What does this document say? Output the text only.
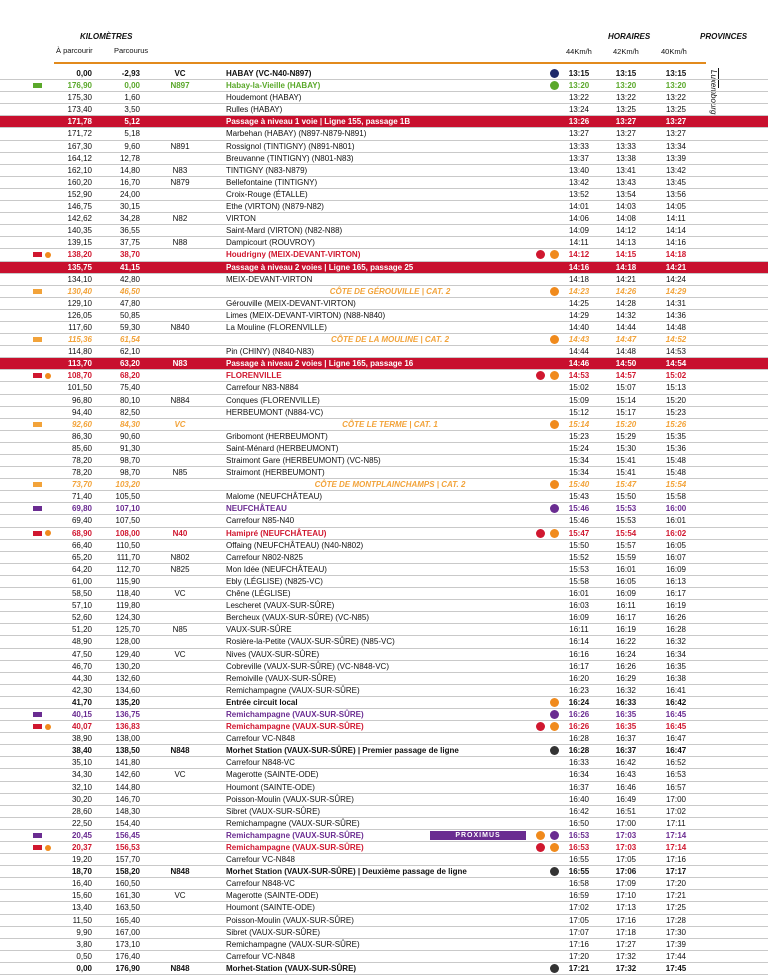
KILOMÈTRES
À parcourir	Parcourus
HORAIRES	PROVINCES
44Km/h	42Km/h	40Km/h
Luxembourg
0,00	-2,93	VC	HABAY (VC-N40-N897)	13:15	13:15	13:15
176,90	0,00	N897	Habay-la-Vieille (HABAY)	13:20	13:20	13:20
175,30	1,60	Houdemont (HABAY)	13:22	13:22	13:22
173,40	3,50	Rulles (HABAY)	13:24	13:25	13:25
171,78	5,12	Passage à niveau 1 voie | Ligne 155, passage 1B	13:26	13:27	13:27
171,72	5,18	Marbehan (HABAY) (N897-N879-N891)	13:27	13:27	13:27
167,30	9,60	N891	Rossignol (TINTIGNY) (N891-N801)	13:33	13:33	13:34
164,12	12,78	Breuvanne (TINTIGNY) (N801-N83)	13:37	13:38	13:39
162,10	14,80	N83	TINTIGNY (N83-N879)	13:40	13:41	13:42
160,20	16,70	N879	Bellefontaine (TINTIGNY)	13:42	13:43	13:45
152,90	24,00	Croix-Rouge (ÉTALLE)	13:52	13:54	13:56
146,75	30,15	Ethe (VIRTON) (N879-N82)	14:01	14:03	14:05
142,62	34,28	N82	VIRTON	14:06	14:08	14:11
140,35	36,55	Saint-Mard (VIRTON) (N82-N88)	14:09	14:12	14:14
139,15	37,75	N88	Dampicourt (ROUVROY)	14:11	14:13	14:16
138,20	38,70	Houdrigny (MEIX-DEVANT-VIRTON)	14:12	14:15	14:18
135,75	41,15	Passage à niveau 2 voies | Ligne 165, passage 25	14:16	14:18	14:21
134,10	42,80	MEIX-DEVANT-VIRTON	14:18	14:21	14:24
130,40	46,50	CÔTE DE GÉROUVILLE | CAT. 2	14:23	14:26	14:29
129,10	47,80	Gérouville (MEIX-DEVANT-VIRTON)	14:25	14:28	14:31
126,05	50,85	Limes (MEIX-DEVANT-VIRTON) (N88-N840)	14:29	14:32	14:36
117,60	59,30	N840	La Mouline (FLORENVILLE)	14:40	14:44	14:48
115,36	61,54	CÔTE DE LA MOULINE | CAT. 2	14:43	14:47	14:52
114,80	62,10	Pin (CHINY) (N840-N83)	14:44	14:48	14:53
113,70	63,20	N83	Passage à niveau 2 voies | Ligne 165, passage 16	14:46	14:50	14:54
108,70	68,20	FLORENVILLE	14:53	14:57	15:02
101,50	75,40	Carrefour N83-N884	15:02	15:07	15:13
96,80	80,10	N884	Conques (FLORENVILLE)	15:09	15:14	15:20
94,40	82,50	HERBEUMONT (N884-VC)	15:12	15:17	15:23
92,60	84,30	VC	CÔTE LE TERME | CAT. 1	15:14	15:20	15:26
86,30	90,60	Gribomont (HERBEUMONT)	15:23	15:29	15:35
85,60	91,30	Saint-Ménard (HERBEUMONT)	15:24	15:30	15:36
78,20	98,70	Straimont Gare (HERBEUMONT) (VC-N85)	15:34	15:41	15:48
78,20	98,70	N85	Straimont (HERBEUMONT)	15:34	15:41	15:48
73,70	103,20	CÔTE DE MONTPLAINCHAMPS | CAT. 2	15:40	15:47	15:54
71,40	105,50	Malome (NEUFCHÂTEAU)	15:43	15:50	15:58
69,80	107,10	NEUFCHÂTEAU	15:46	15:53	16:00
69,40	107,50	Carrefour N85-N40	15:46	15:53	16:01
68,90	108,00	N40	Hamipré (NEUFCHÂTEAU)	15:47	15:54	16:02
66,40	110,50	Offaing (NEUFCHÂTEAU) (N40-N802)	15:50	15:57	16:05
65,20	111,70	N802	Carrefour N802-N825	15:52	15:59	16:07
64,20	112,70	N825	Mon Idée (NEUFCHÂTEAU)	15:53	16:01	16:09
61,00	115,90	Ebly (LÉGLISE) (N825-VC)	15:58	16:05	16:13
58,50	118,40	VC	Chêne (LÉGLISE)	16:01	16:09	16:17
57,10	119,80	Lescheret (VAUX-SUR-SÛRE)	16:03	16:11	16:19
52,60	124,30	Bercheux (VAUX-SUR-SÛRE) (VC-N85)	16:09	16:17	16:26
51,20	125,70	N85	VAUX-SUR-SÛRE	16:11	16:19	16:28
48,90	128,00	Rosière-la-Petite (VAUX-SUR-SÛRE) (N85-VC)	16:14	16:22	16:32
47,50	129,40	VC	Nives (VAUX-SUR-SÛRE)	16:16	16:24	16:34
46,70	130,20	Cobreville (VAUX-SUR-SÛRE) (VC-N848-VC)	16:17	16:26	16:35
44,30	132,60	Remoiville (VAUX-SUR-SÛRE)	16:20	16:29	16:38
42,30	134,60	Remichampagne (VAUX-SUR-SÛRE)	16:23	16:32	16:41
41,70	135,20	Entrée circuit local	16:24	16:33	16:42
40,15	136,75	Remichampagne (VAUX-SUR-SÛRE)	16:26	16:35	16:45
40,07	136,83	Remichampagne (VAUX-SUR-SÛRE)	16:26	16:35	16:45
38,90	138,00	Carrefour VC-N848	16:28	16:37	16:47
38,40	138,50	N848	Morhet Station (VAUX-SUR-SÛRE) | Premier passage de ligne	16:28	16:37	16:47
35,10	141,80	Carrefour N848-VC	16:33	16:42	16:52
34,30	142,60	VC	Magerotte (SAINTE-ODE)	16:34	16:43	16:53
32,10	144,80	Houmont (SAINTE-ODE)	16:37	16:46	16:57
30,20	146,70	Poisson-Moulin (VAUX-SUR-SÛRE)	16:40	16:49	17:00
28,60	148,30	Sibret (VAUX-SUR-SÛRE)	16:42	16:51	17:02
22,50	154,40	Remichampagne (VAUX-SUR-SÛRE)	16:50	17:00	17:11
20,45	156,45	Remichampagne (VAUX-SUR-SÛRE)	16:53	17:03	17:14
PROXIMUS
20,37	156,53	Remichampagne (VAUX-SUR-SÛRE)	16:53	17:03	17:14
19,20	157,70	Carrefour VC-N848	16:55	17:05	17:16
18,70	158,20	N848	Morhet Station (VAUX-SUR-SÛRE) | Deuxième passage de ligne	16:55	17:06	17:17
16,40	160,50	Carrefour N848-VC	16:58	17:09	17:20
15,60	161,30	VC	Magerotte (SAINTE-ODE)	16:59	17:10	17:21
13,40	163,50	Houmont (SAINTE-ODE)	17:02	17:13	17:25
11,50	165,40	Poisson-Moulin (VAUX-SUR-SÛRE)	17:05	17:16	17:28
9,90	167,00	Sibret (VAUX-SUR-SÛRE)	17:07	17:18	17:30
3,80	173,10	Remichampagne (VAUX-SUR-SÛRE)	17:16	17:27	17:39
0,50	176,40	Carrefour VC-N848	17:20	17:32	17:44
0,00	176,90	N848	Morhet-Station (VAUX-SUR-SÛRE)	17:21	17:32	17:45
